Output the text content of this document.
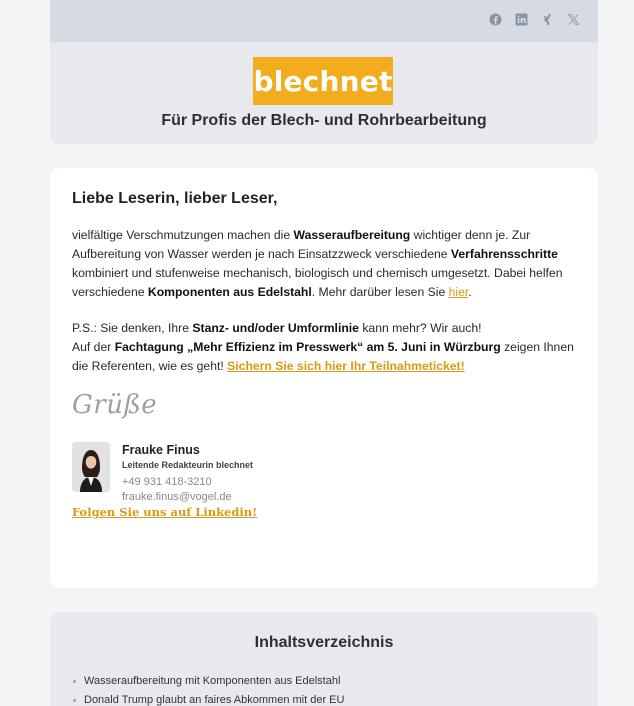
blechnet
Für Profis der Blech- und Rohrbearbeitung
Liebe Leserin, lieber Leser,

vielfältige Verschmutzungen machen die Wasseraufbereitung wichtiger denn je. Zur Aufbereitung von Wasser werden je nach Einsatzzweck verschiedene Verfahrensschritte kombiniert und stufenweise mechanisch, biologisch und chemisch umgesetzt. Dabei helfen verschiedene Komponenten aus Edelstahl. Mehr darüber lesen Sie hier.

P.S.: Sie denken, Ihre Stanz- und/oder Umformlinie kann mehr? Wir auch!
Auf der Fachtagung „Mehr Effizienz im Presswerk“ am 5. Juni in Würzburg zeigen Ihnen die Referenten, wie es geht! Sichern Sie sich hier Ihr Teilnahmeticket!

Grüße
Frauke Finus
Leitende Redakteurin blechnet
+49 931 418-3210
frauke.finus@vogel.de
Folgen Sie uns auf Linkedin!
Inhaltsverzeichnis
Wasseraufbereitung mit Komponenten aus Edelstahl
Donald Trump glaubt an faires Abkommen mit der EU
